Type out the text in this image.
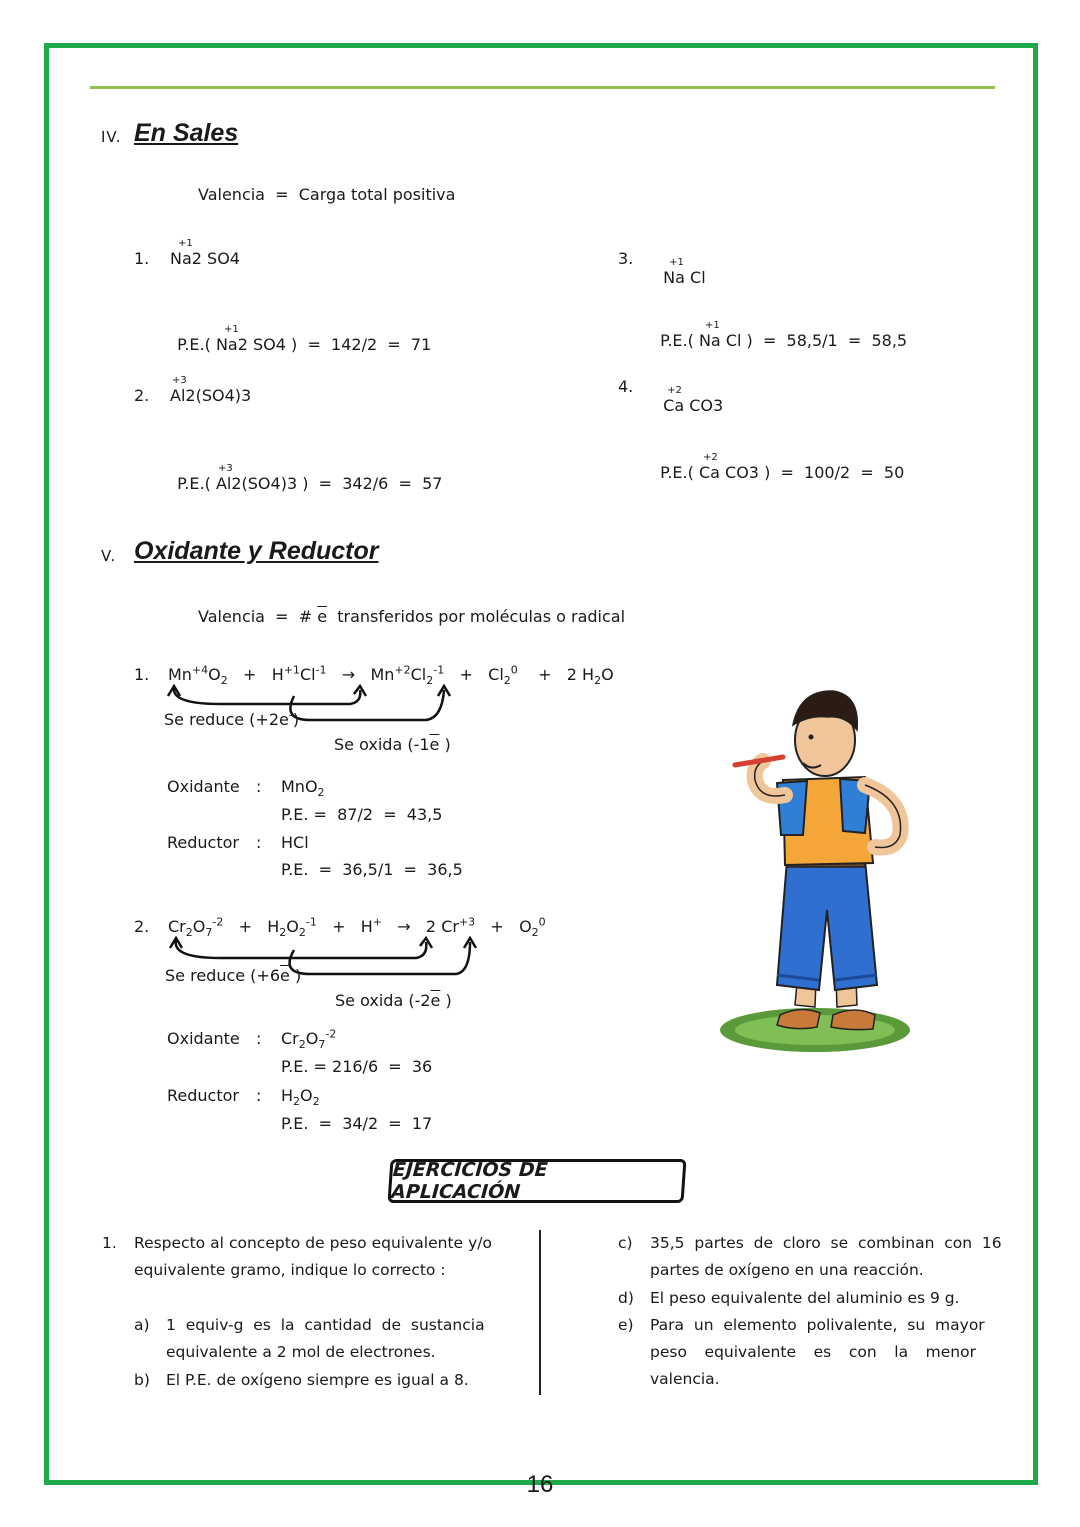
IV. En Sales
Valencia  =  Carga total positiva
1.
+1
Na2 SO4

P.E.(
+1
Na2 SO4 )  =  142/2  =  71

2.
+3
Al2(SO4)3

P.E.(
+3
Al2(SO4)3 )  =  342/6  =  57

3.

	+1
Na Cl

P.E.(
+1
Na Cl )  =  58,5/1  =  58,5

4.

	+2
Ca CO3

P.E.(
+2
Ca CO3 )  =  100/2  =  50

V. Oxidante y Reductor
Valencia  =  # $\overline{e}$  transferidos por moléculas o radical
1. $Mn^{+4}O_2 + H^{+1}Cl^{-1} \to Mn^{+2}Cl_2^{-1} + Cl_2^0$    +   2 $H_2O$
Se reduce (+2e-)
Se oxida ($-1\overline{e}$ )
Oxidante : MnO$_2$
P.E. =  87/2  =  43,5
Reductor : HCl
P.E.  =  36,5/1  =  36,5
2. $Cr_2O_7^{-2} + H_2O_2^{-1} + H^+ \to 2$ $Cr^{+3} + O_2^0$
Se reduce ($+6\overline{e}$ )
Se oxida ($-2\overline{e}$ )
Oxidante : $Cr_2O_7^{-2}$
P.E. = 216/6  =  36
Reductor : $H_2O_2$
P.E.  =  34/2  =  17
EJERCICIOS DE APLICACIÓN
1. Respecto al concepto de peso equivalente y/o
equivalente gramo, indique lo correcto :
a) 1  equiv-g  es  la  cantidad  de  sustancia
equivalente a 2 mol de electrones.
b) El P.E. de oxígeno siempre es igual a 8.
c) 35,5  partes  de  cloro  se  combinan  con  16
partes de oxígeno en una reacción.
d) El peso equivalente del aluminio es 9 g.
e) Para  un  elemento  polivalente,  su  mayor
peso equivalente es con la menor valencia.
16
